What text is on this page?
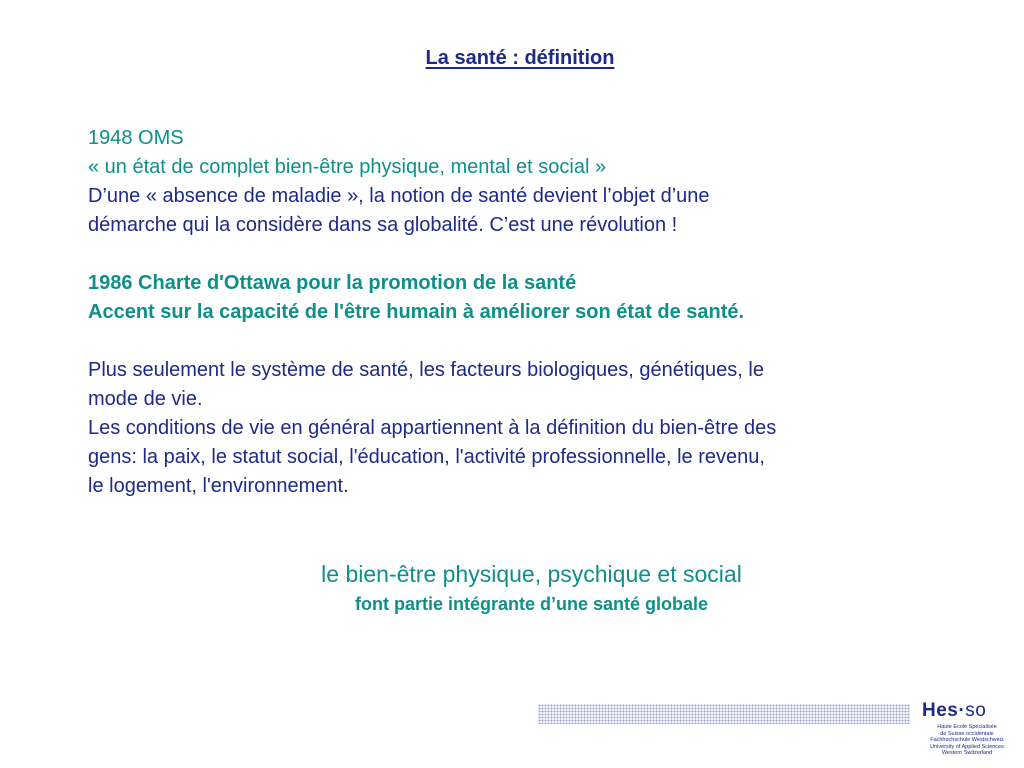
La santé : définition
1948 OMS
« un état de complet bien-être physique, mental et social »
D’une « absence de maladie », la notion de santé devient l’objet d’une
démarche qui la considère dans sa globalité. C’est une révolution !
1986 Charte d'Ottawa pour la promotion de la santé
Accent sur la capacité de l'être humain à améliorer son état de santé.
Plus seulement le système de santé, les facteurs biologiques, génétiques, le
mode de vie.
Les conditions de vie en général appartiennent à la définition du bien-être des
gens: la paix, le statut social, l'éducation, l'activité professionnelle, le revenu,
le logement, l'environnement.
le bien-être physique, psychique et social
font partie intégrante d’une santé globale
Hes·so
Haute Ecole Spécialisée
de Suisse occidentale
Fachhochschule Westschweiz
University of Applied Sciences
Western Switzerland
